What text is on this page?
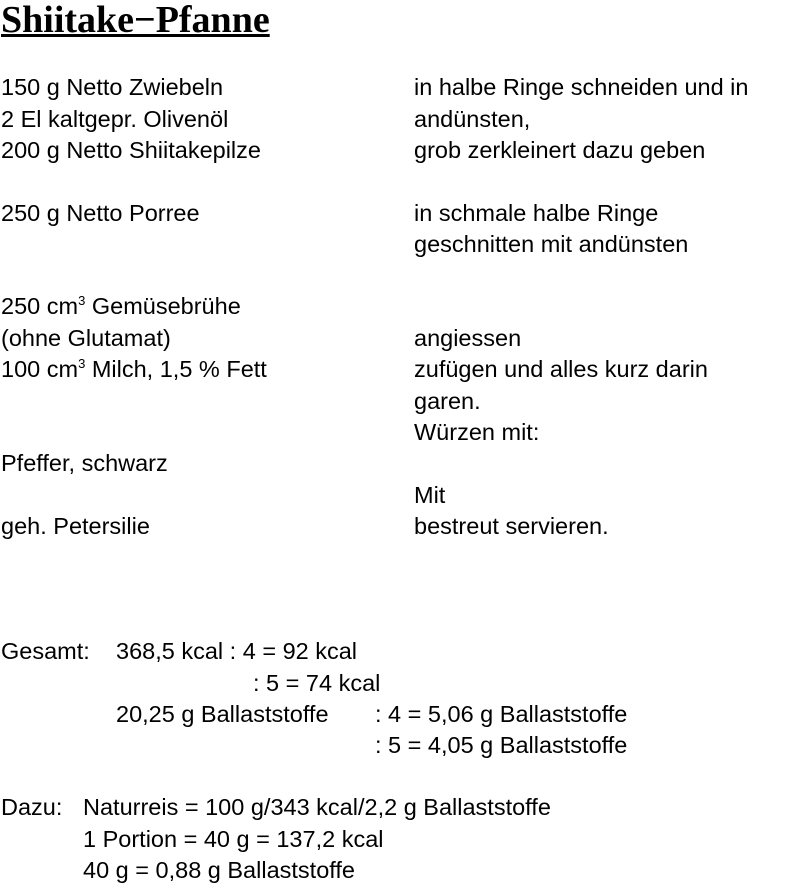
Shiitake−Pfanne
150 g Netto Zwiebeln
2 El kaltgepr. Olivenöl
200 g Netto Shiitakepilze
250 g Netto Porree
250 $cm^3$ Gemüsebrühe
(ohne Glutamat)
100 $cm^3$ Milch, 1,5 % Fett
Pfeffer, schwarz
geh. Petersilie
in halbe Ringe schneiden und in
andünsten,
grob zerkleinert dazu geben
in schmale halbe Ringe
geschnitten mit andünsten
angiessen
zufügen und alles kurz darin
garen.
Würzen mit:
Mit
bestreut servieren.
Gesamt: 368,5 kcal : 4 = 92 kcal
: 5 = 74 kcal
20,25 g Ballaststoffe : 4 = 5,06 g Ballaststoffe
: 5 = 4,05 g Ballaststoffe
Dazu: Naturreis = 100 g/343 kcal/2,2 g Ballaststoffe
1 Portion = 40 g = 137,2 kcal
40 g = 0,88 g Ballaststoffe
